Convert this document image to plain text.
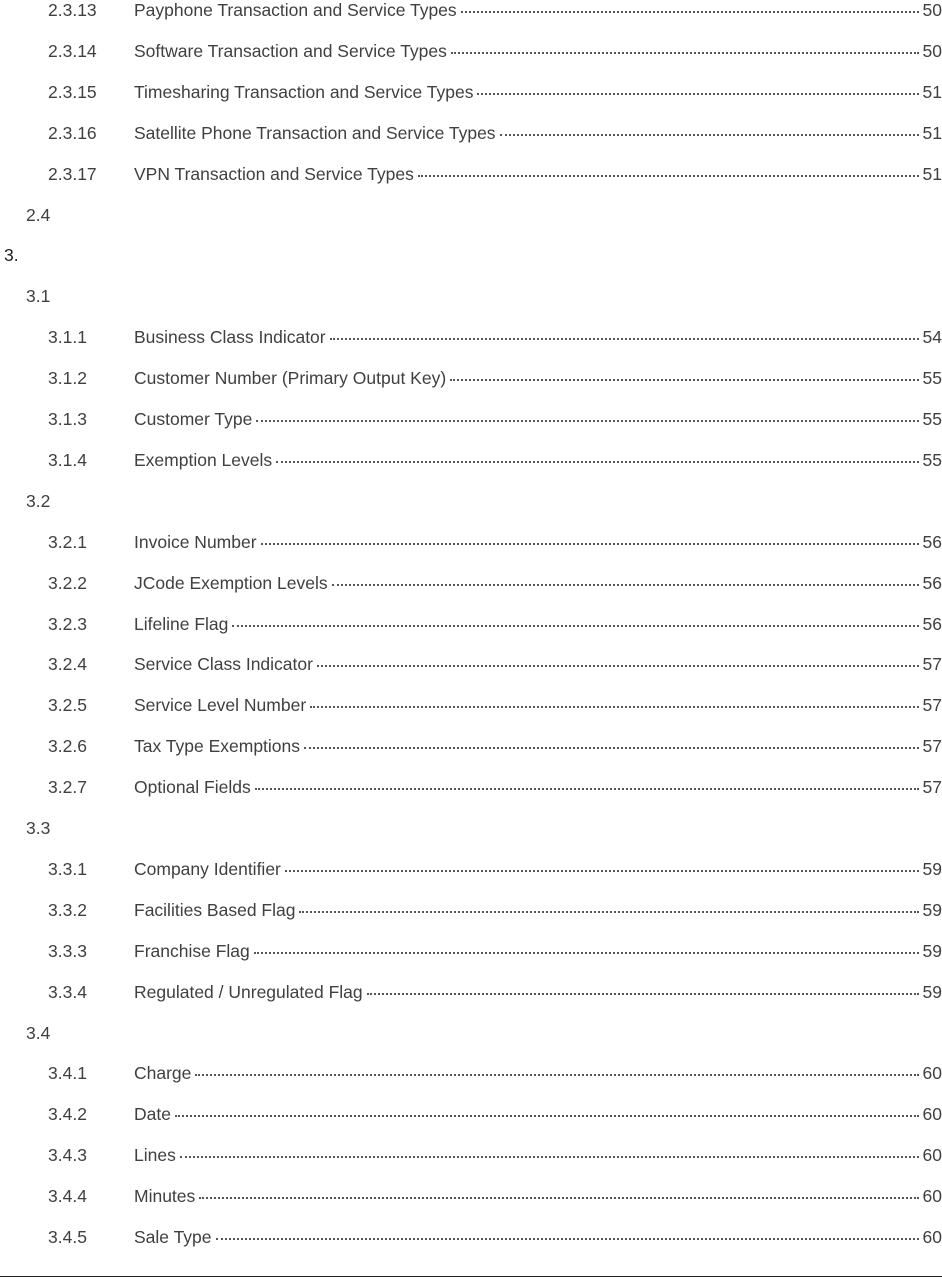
2.3.13 Payphone Transaction and Service Types	50
2.3.14 Software Transaction and Service Types	50
2.3.15 Timesharing Transaction and Service Types	51
2.3.16 Satellite Phone Transaction and Service Types	51
2.3.17 VPN Transaction and Service Types	51
2.4
3.
3.1
3.1.1	Business Class Indicator	54
3.1.2	Customer Number (Primary Output Key)	55
3.1.3	Customer Type	55
3.1.4	Exemption Levels	55
3.2
3.2.1	Invoice Number	56
3.2.2	JCode Exemption Levels	56
3.2.3	Lifeline Flag	56
3.2.4	Service Class Indicator	57
3.2.5	Service Level Number	57
3.2.6	Tax Type Exemptions	57
3.2.7	Optional Fields	57
3.3
3.3.1	Company Identifier	59
3.3.2	Facilities Based Flag	59
3.3.3	Franchise Flag	59
3.3.4	Regulated / Unregulated Flag	59
3.4
3.4.1	Charge	60
3.4.2	Date	60
3.4.3	Lines	60
3.4.4	Minutes	60
3.4.5	Sale Type	60
